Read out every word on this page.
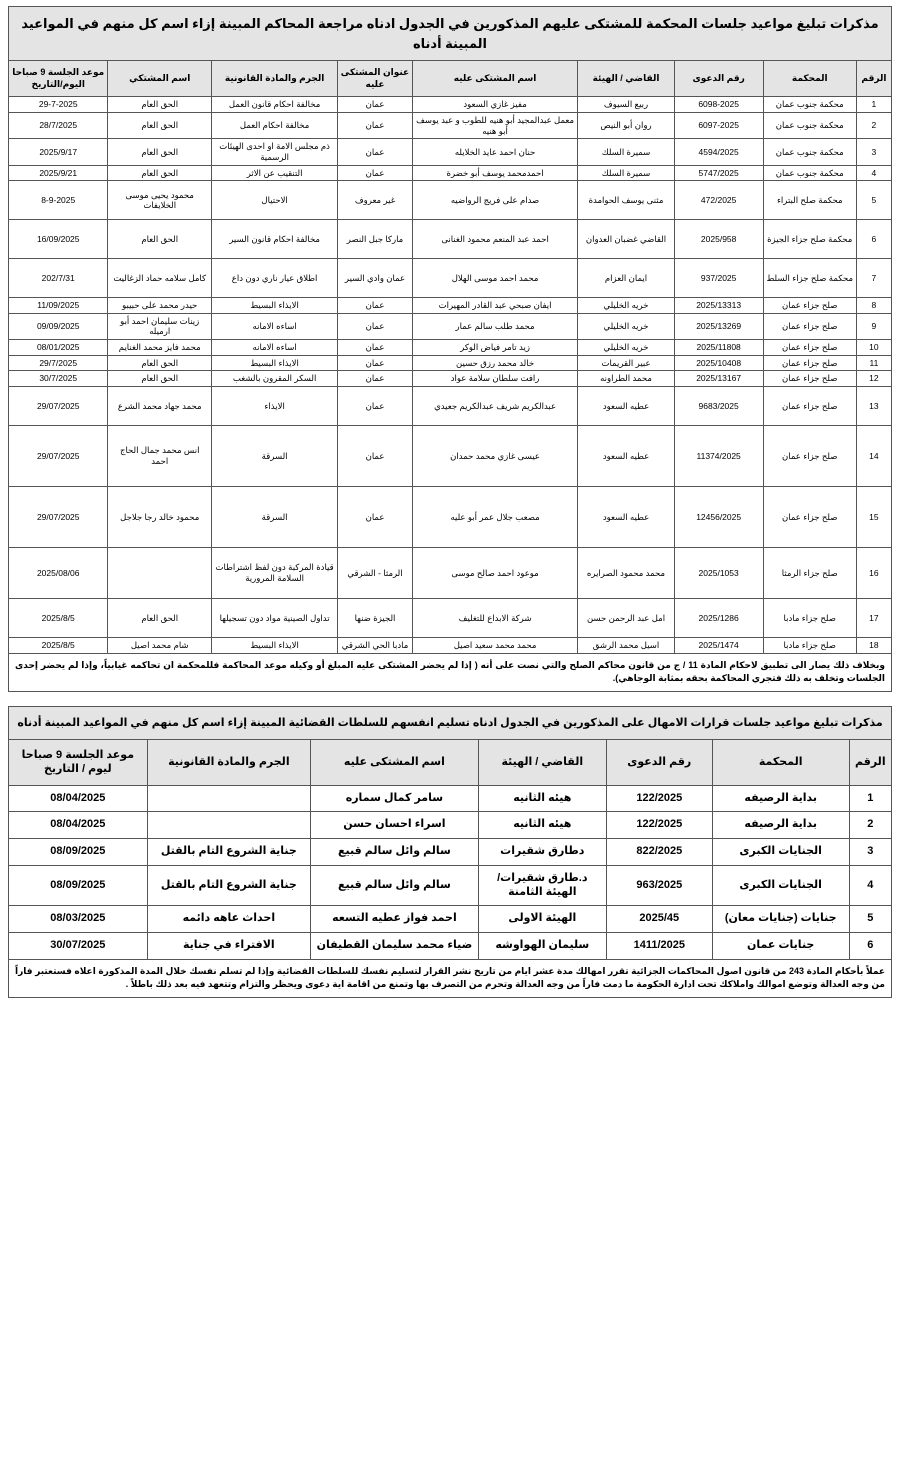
مذكرات تبليغ مواعيد جلسات المحكمة للمشتكى عليهم المذكورين في الجدول ادناه مراجعة المحاكم المبينة إزاء اسم كل منهم في المواعيد المبينة أدناه								
الرقم	المحكمة	رقم الدعوى	القاضي / الهيئة	اسم المشتكى عليه	عنوان المشتكى عليه	الجرم والمادة القانونية	اسم المشتكي	موعد الجلسة 9 صباحا اليوم/التاريخ
1	محكمة جنوب عمان	6098-2025	ربيع السيوف	مفيز غازي السعود	عمان	مخالفة احكام قانون العمل	الحق العام	29-7-2025
2	محكمة جنوب عمان	6097-2025	روان أبو النيص	معمل عبدالمجيد أبو هنيه للطوب و عبد يوسف أبو هنيه	عمان	مخالفة احكام العمل	الحق العام	28/7/2025
3	محكمة جنوب عمان	4594/2025	سميرة السلك	حنان احمد عايد الخلايله	عمان	ذم مجلس الامة او احدى الهيئات الرسمية	الحق العام	2025/9/17
4	محكمة جنوب عمان	5747/2025	سميرة السلك	احمدمحمد يوسف أبو خضرة	عمان	التنقيب عن الاثر	الحق العام	2025/9/21
5	محكمة صلح البتراء	472/2025	مثنى يوسف الحوامدة	صدام على فريج الرواضيه	غير معروف	الاحتيال	محمود يحيى موسى الخلايفات	8-9-2025
6	محكمة صلح جزاء الجيزة	2025/958	القاضي غضبان العدوان	احمد عبد المنعم محمود الغنانى	ماركا جبل النصر	مخالفة احكام قانون السير	الحق العام	16/09/2025
7	محكمة صلح جزاء السلط	937/2025	ايمان العزام	محمد احمد موسى الهلال	عمان وادي السير	اطلاق عيار ناري دون داع	كامل سلامه حماد الزغاليت	202/7/31
8	صلح جزاء عمان	2025/13313	خريه الخليلي	ايفان صبحي عبد القادر المهيرات	عمان	الايذاء البسيط	حيدر محمد على حبيبو	11/09/2025
9	صلح جزاء عمان	2025/13269	خريه الخليلي	محمد طلب سالم عمار	عمان	اساءه الامانه	زينات سليمان احمد أبو ارميله	09/09/2025
10	صلح جزاء عمان	2025/11808	خريه الخليلي	زيد تامر فياض الوكر	عمان	اساءه الامانه	محمد فايز محمد الغنايم	08/01/2025
11	صلح جزاء عمان	2025/10408	عبير القريمات	خالد محمد رزق حسين	عمان	الايذاء البسيط	الحق العام	29/7/2025
12	صلح جزاء عمان	2025/13167	محمد الطراونه	رافت سلطان سلامة عواد	عمان	السكر المقرون بالشغب	الحق العام	30/7/2025
13	صلح جزاء عمان	9683/2025	عطيه السعود	عبدالكريم شريف عبدالكريم جعيدي	عمان	الايذاء	محمد جهاد محمد الشرع	29/07/2025
14	صلح جزاء عمان	11374/2025	عطيه السعود	عيسى غازي محمد حمدان	عمان	السرقة	انس محمد جمال الحاج احمد	29/07/2025
15	صلح جزاء عمان	12456/2025	عطيه السعود	مصعب جلال عمر أبو عليه	عمان	السرقة	محمود خالد رجا جلاجل	29/07/2025
16	صلح جزاء الرمثا	2025/1053	محمد محمود الصرايره	موعود احمد صالح موسى	الرمثا - الشرقي	قيادة المركبة دون لفظ اشتراطات السلامة المرورية		2025/08/06
17	صلح جزاء مادبا	2025/1286	امل عبد الرحمن حسن	شركة الابداع للتغليف	الجيزة ضنها	تداول الصينية مواد دون تسجيلها	الحق العام	2025/8/5
18	صلح جزاء مادبا	2025/1474	اسيل محمد الرشق	محمد محمد سعيد اصيل	مادبا الحي الشرقي	الايذاء البسيط	شام محمد اصيل	2025/8/5
وبخلاف ذلك يصار الى تطبيق لاحكام المادة 11 / ج من قانون محاكم الصلح والتي نصت على أنه ( إذا لم يحضر المشتكى عليه المبلغ أو وكيله موعد المحاكمة فللمحكمة ان تحاكمه غيابياً، وإذا لم يحضر إحدى الجلسات وتخلف به ذلك فتجري المحاكمة بحقه بمثابة الوجاهي).
مذكرات تبليغ مواعيد جلسات قرارات الامهال على المذكورين في الجدول ادناه تسليم انفسهم للسلطات القضائية المبينة إزاء اسم كل منهم في المواعيد المبينة أدناه						
الرقم	المحكمة	رقم الدعوى	القاضي / الهيئة	اسم المشتكى عليه	الجرم والمادة القانونية	موعد الجلسة 9 صباحا ليوم / التاريخ
1	بداية الرصيفه	122/2025	هيئه الثانيه	سامر كمال سماره		08/04/2025
2	بداية الرصيفه	122/2025	هيئه الثانيه	اسراء احسان حسن		08/04/2025
3	الجنايات الكبرى	822/2025	دطارق شقيرات	سالم وائل سالم قبيع	جناية الشروع التام بالقتل	08/09/2025
4	الجنايات الكبرى	963/2025	د.طارق شقيرات/ الهيئة الثامنة	سالم وائل سالم قبيع	جناية الشروع التام بالقتل	08/09/2025
5	جنايات (جنايات معان)	2025/45	الهيئة الاولى	احمد فواز عطيه التسعه	احداث عاهه دائمه	08/03/2025
6	جنايات عمان	1411/2025	سليمان الهواوشه	ضياء محمد سليمان القطيفان	الافتراء في جناية	30/07/2025
عملاً بأحكام المادة 243 من قانون اصول المحاكمات الجزائية تقرر امهالك مدة عشر ايام من تاريخ نشر القرار لتسليم نفسك للسلطات القضائية وإذا لم تسلم نفسك خلال المدة المذكورة اعلاه فستعتبر فاراً من وجه العدالة وتوضع اموالك واملاكك تحت ادارة الحكومة ما دمت فاراً من وجه العدالة وتحرم من التصرف بها وتمنع من اقامة اية دعوى ويحظر والتزام وتتعهد فيه بعد ذلك باطلاً .
